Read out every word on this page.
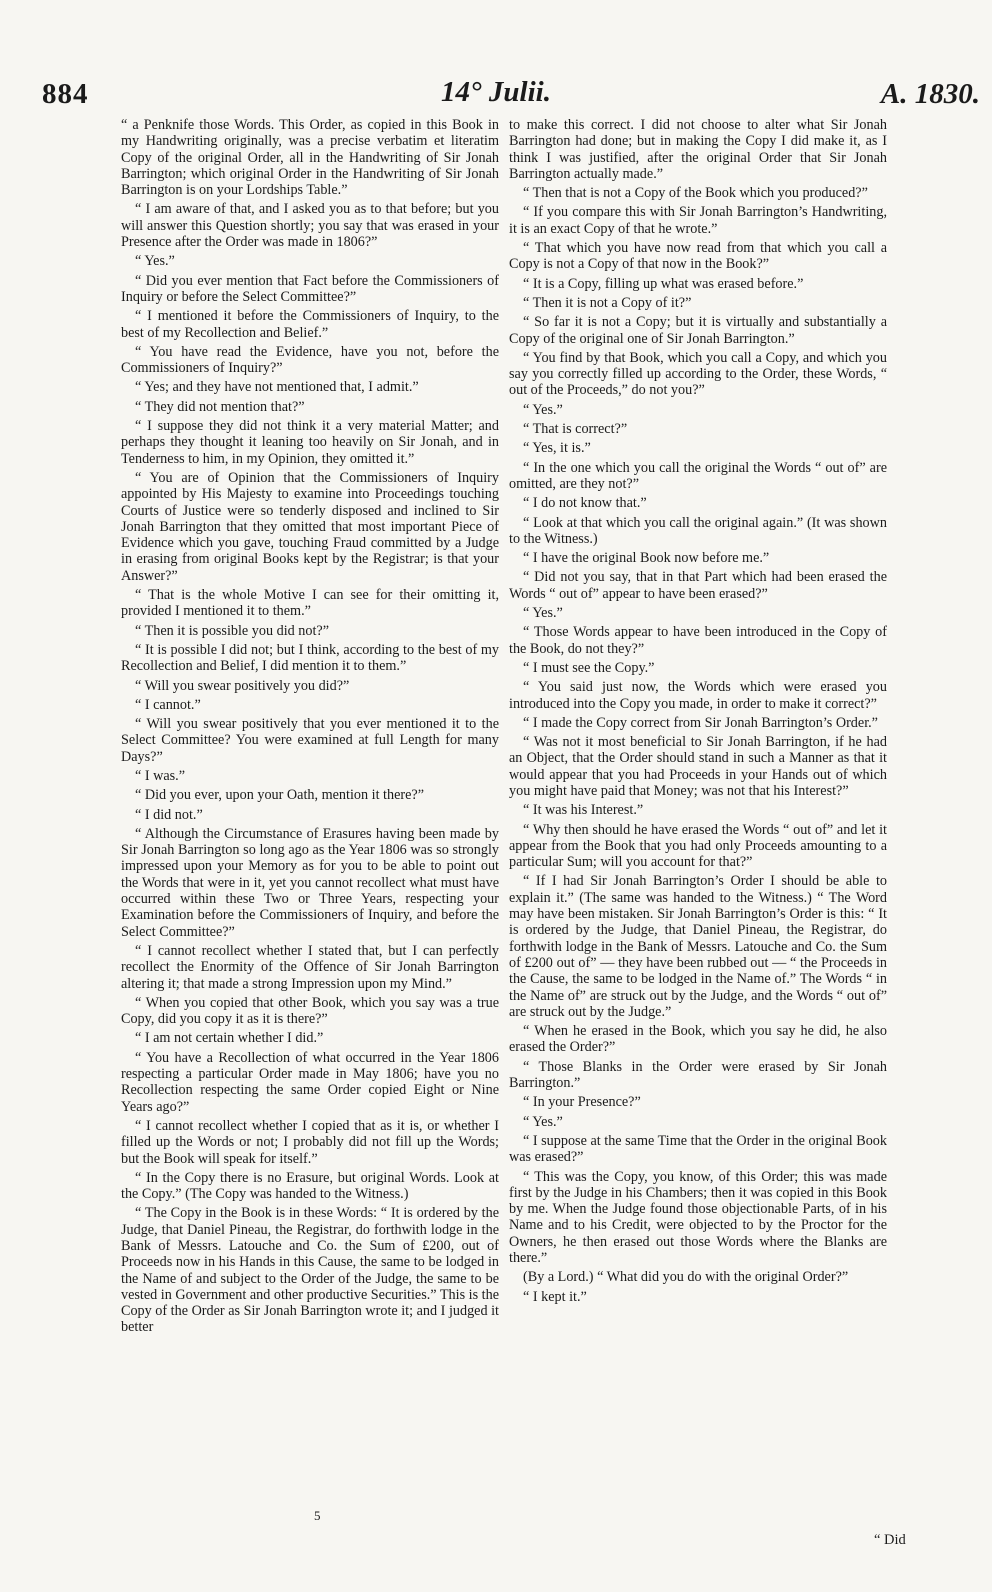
884	14° Julii.	A. 1830.

“ a Penknife those Words. This Order, as copied in this Book in my Handwriting originally, was a precise verbatim et literatim Copy of the original Order, all in the Handwriting of Sir Jonah Barrington; which original Order in the Handwriting of Sir Jonah Barrington is on your Lordships Table.”

“ I am aware of that, and I asked you as to that before; but you will answer this Question shortly; you say that was erased in your Presence after the Order was made in 1806?”

“ Yes.”

“ Did you ever mention that Fact before the Commissioners of Inquiry or before the Select Committee?”

“ I mentioned it before the Commissioners of Inquiry, to the best of my Recollection and Belief.”

“ You have read the Evidence, have you not, before the Commissioners of Inquiry?”

“ Yes; and they have not mentioned that, I admit.”

“ They did not mention that?”

“ I suppose they did not think it a very material Matter; and perhaps they thought it leaning too heavily on Sir Jonah, and in Tenderness to him, in my Opinion, they omitted it.”

“ You are of Opinion that the Commissioners of Inquiry appointed by His Majesty to examine into Proceedings touching Courts of Justice were so tenderly disposed and inclined to Sir Jonah Barrington that they omitted that most important Piece of Evidence which you gave, touching Fraud committed by a Judge in erasing from original Books kept by the Registrar; is that your Answer?”

“ That is the whole Motive I can see for their omitting it, provided I mentioned it to them.”

“ Then it is possible you did not?”

“ It is possible I did not; but I think, according to the best of my Recollection and Belief, I did mention it to them.”

“ Will you swear positively you did?”

“ I cannot.”

“ Will you swear positively that you ever mentioned it to the Select Committee? You were examined at full Length for many Days?”

“ I was.”

“ Did you ever, upon your Oath, mention it there?”

“ I did not.”

“ Although the Circumstance of Erasures having been made by Sir Jonah Barrington so long ago as the Year 1806 was so strongly impressed upon your Memory as for you to be able to point out the Words that were in it, yet you cannot recollect what must have occurred within these Two or Three Years, respecting your Examination before the Commissioners of Inquiry, and before the Select Committee?”

“ I cannot recollect whether I stated that, but I can perfectly recollect the Enormity of the Offence of Sir Jonah Barrington altering it; that made a strong Impression upon my Mind.”

“ When you copied that other Book, which you say was a true Copy, did you copy it as it is there?”

“ I am not certain whether I did.”

“ You have a Recollection of what occurred in the Year 1806 respecting a particular Order made in May 1806; have you no Recollection respecting the same Order copied Eight or Nine Years ago?”

“ I cannot recollect whether I copied that as it is, or whether I filled up the Words or not; I probably did not fill up the Words; but the Book will speak for itself.”

“ In the Copy there is no Erasure, but original Words. Look at the Copy.” (The Copy was handed to the Witness.)

“ The Copy in the Book is in these Words: “ It is ordered by the Judge, that Daniel Pineau, the Registrar, do forthwith lodge in the Bank of Messrs. Latouche and Co. the Sum of £200, out of Proceeds now in his Hands in this Cause, the same to be lodged in the Name of and subject to the Order of the Judge, the same to be vested in Government and other productive Securities.” This is the Copy of the Order as Sir Jonah Barrington wrote it; and I judged it better

to make this correct. I did not choose to alter what Sir Jonah Barrington had done; but in making the Copy I did make it, as I think I was justified, after the original Order that Sir Jonah Barrington actually made.”

“ Then that is not a Copy of the Book which you produced?”

“ If you compare this with Sir Jonah Barrington’s Handwriting, it is an exact Copy of that he wrote.”

“ That which you have now read from that which you call a Copy is not a Copy of that now in the Book?”

“ It is a Copy, filling up what was erased before.”

“ Then it is not a Copy of it?”

“ So far it is not a Copy; but it is virtually and substantially a Copy of the original one of Sir Jonah Barrington.”

“ You find by that Book, which you call a Copy, and which you say you correctly filled up according to the Order, these Words, “ out of the Proceeds,” do not you?”

“ Yes.”

“ That is correct?”

“ Yes, it is.”

“ In the one which you call the original the Words “ out of” are omitted, are they not?”

“ I do not know that.”

“ Look at that which you call the original again.” (It was shown to the Witness.)

“ I have the original Book now before me.”

“ Did not you say, that in that Part which had been erased the Words “ out of” appear to have been erased?”

“ Yes.”

“ Those Words appear to have been introduced in the Copy of the Book, do not they?”

“ I must see the Copy.”

“ You said just now, the Words which were erased you introduced into the Copy you made, in order to make it correct?”

“ I made the Copy correct from Sir Jonah Barrington’s Order.”

“ Was not it most beneficial to Sir Jonah Barrington, if he had an Object, that the Order should stand in such a Manner as that it would appear that you had Proceeds in your Hands out of which you might have paid that Money; was not that his Interest?”

“ It was his Interest.”

“ Why then should he have erased the Words “ out of” and let it appear from the Book that you had only Proceeds amounting to a particular Sum; will you account for that?”

“ If I had Sir Jonah Barrington’s Order I should be able to explain it.” (The same was handed to the Witness.) “ The Word may have been mistaken. Sir Jonah Barrington’s Order is this: “ It is ordered by the Judge, that Daniel Pineau, the Registrar, do forthwith lodge in the Bank of Messrs. Latouche and Co. the Sum of £200 out of” — they have been rubbed out — “ the Proceeds in the Cause, the same to be lodged in the Name of.” The Words “ in the Name of” are struck out by the Judge, and the Words “ out of” are struck out by the Judge.”

“ When he erased in the Book, which you say he did, he also erased the Order?”

“ Those Blanks in the Order were erased by Sir Jonah Barrington.”

“ In your Presence?”

“ Yes.”

“ I suppose at the same Time that the Order in the original Book was erased?”

“ This was the Copy, you know, of this Order; this was made first by the Judge in his Chambers; then it was copied in this Book by me. When the Judge found those objectionable Parts, of in his Name and to his Credit, were objected to by the Proctor for the Owners, he then erased out those Words where the Blanks are there.”

(By a Lord.) “ What did you do with the original Order?”

“ I kept it.”

5
“ Did
